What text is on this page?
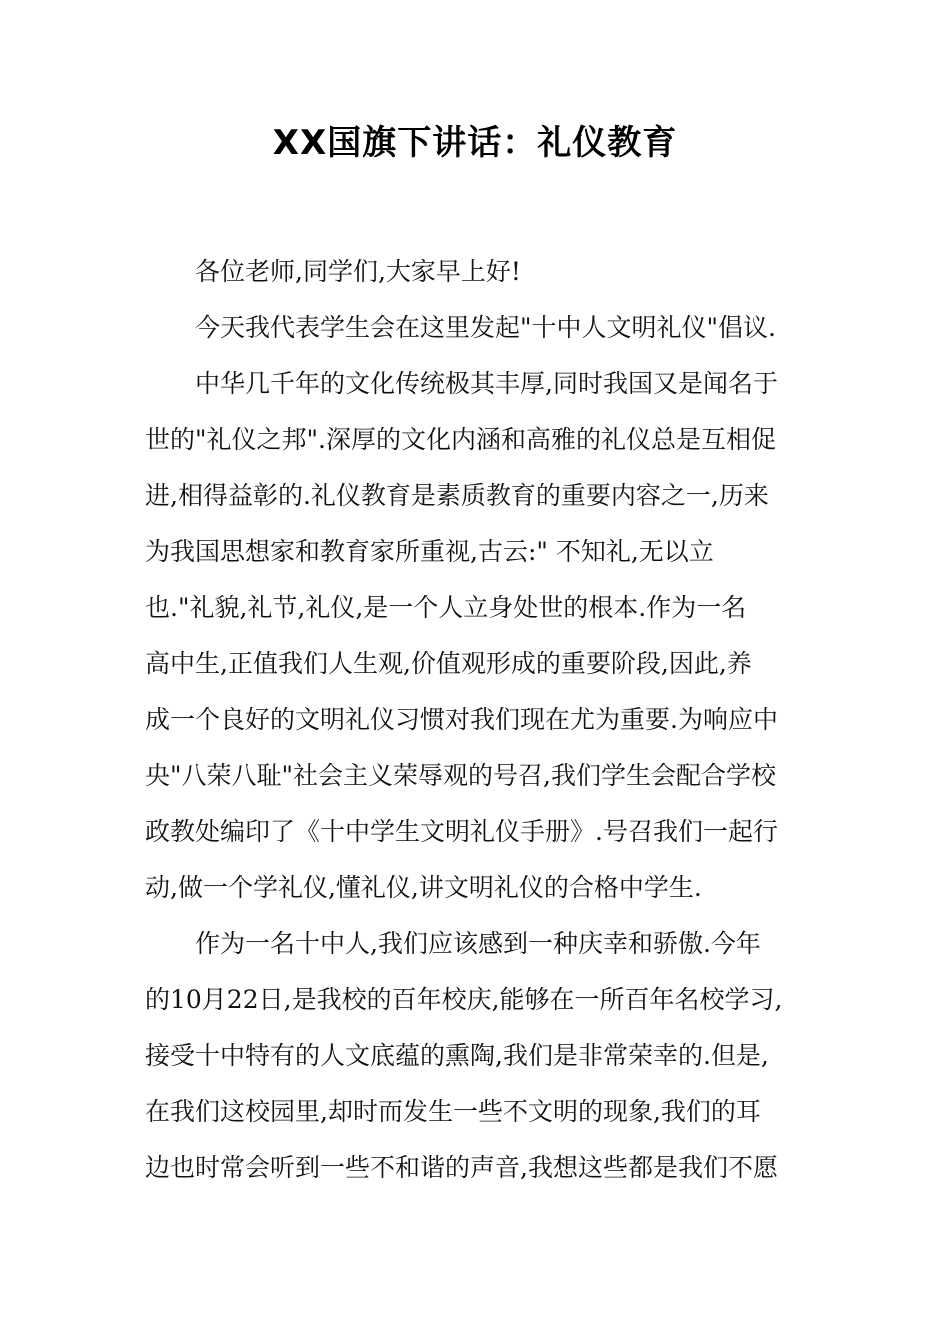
XX国旗下讲话：礼仪教育
各位老师,同学们,大家早上好!
今天我代表学生会在这里发起"十中人文明礼仪"倡议.
中华几千年的文化传统极其丰厚,同时我国又是闻名于
世的"礼仪之邦".深厚的文化内涵和高雅的礼仪总是互相促
进,相得益彰的.礼仪教育是素质教育的重要内容之一,历来
为我国思想家和教育家所重视,古云:" 不知礼,无以立
也."礼貌,礼节,礼仪,是一个人立身处世的根本.作为一名
高中生,正值我们人生观,价值观形成的重要阶段,因此,养
成一个良好的文明礼仪习惯对我们现在尤为重要.为响应中
央"八荣八耻"社会主义荣辱观的号召,我们学生会配合学校
政教处编印了《十中学生文明礼仪手册》.号召我们一起行
动,做一个学礼仪,懂礼仪,讲文明礼仪的合格中学生.
作为一名十中人,我们应该感到一种庆幸和骄傲.今年
的10月22日,是我校的百年校庆,能够在一所百年名校学习,
接受十中特有的人文底蕴的熏陶,我们是非常荣幸的.但是,
在我们这校园里,却时而发生一些不文明的现象,我们的耳
边也时常会听到一些不和谐的声音,我想这些都是我们不愿
